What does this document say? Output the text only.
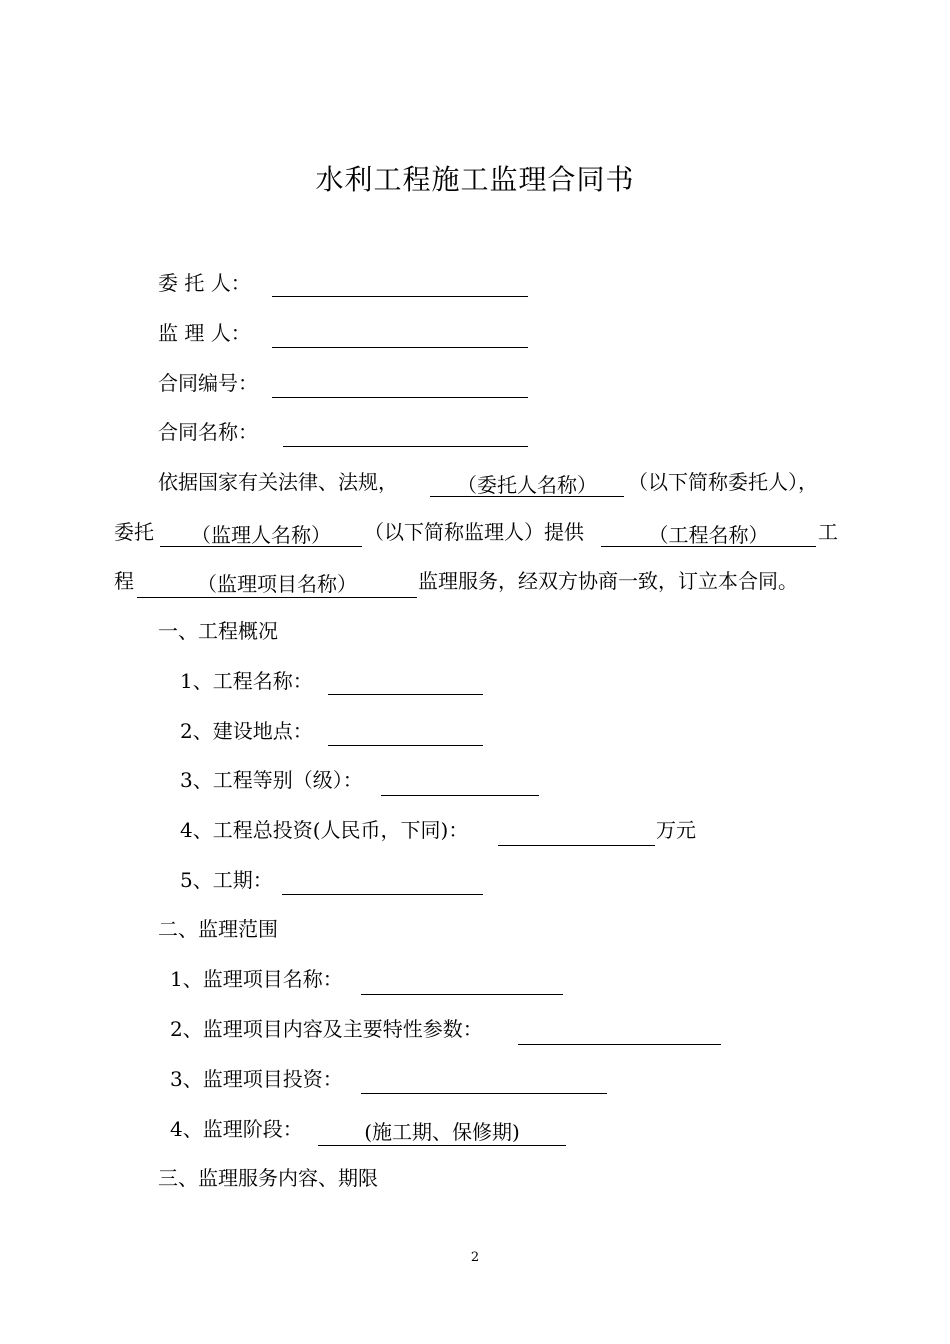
水利工程施工监理合同书
委 托 人：
监 理 人：
合同编号：
合同名称：
依据国家有关法律、法规，	（委托人名称）	（以下简称委托人），
委托	（监理人名称）	（以下简称监理人）提供	（工程名称）	工
程	（监理项目名称）	监理服务，经双方协商一致，订立本合同。
一、工程概况
1、工程名称：
2、建设地点：
3、工程等别（级）：
4、工程总投资(人民币，下同)：	万元
5、工期：
二、监理范围
1、监理项目名称：
2、监理项目内容及主要特性参数：
3、监理项目投资：
4、监理阶段：	(施工期、保修期)
三、监理服务内容、期限
2
